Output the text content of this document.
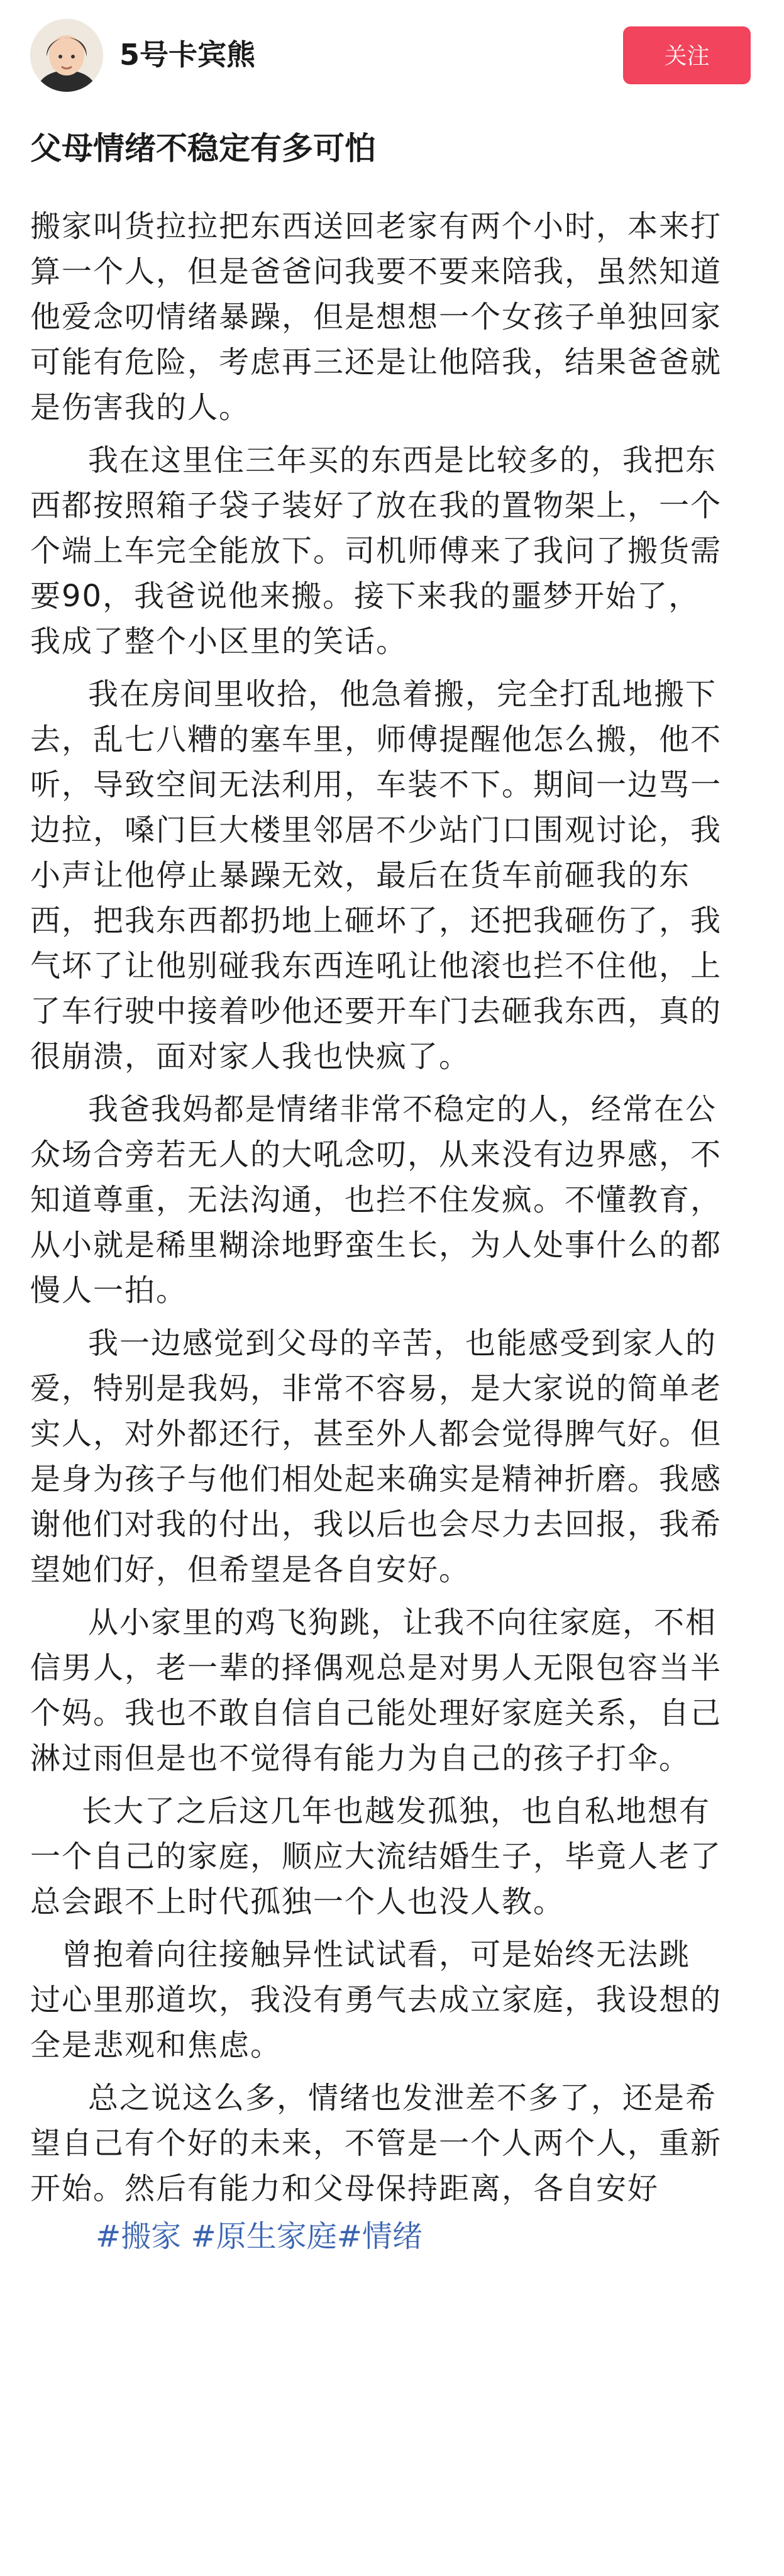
5号卡宾熊	关注
父母情绪不稳定有多可怕
搬家叫货拉拉把东西送回老家有两个小时，本来打
算一个人，但是爸爸问我要不要来陪我，虽然知道
他爱念叨情绪暴躁，但是想想一个女孩子单独回家
可能有危险，考虑再三还是让他陪我，结果爸爸就
是伤害我的人。
我在这里住三年买的东西是比较多的，我把东
西都按照箱子袋子装好了放在我的置物架上，一个
个端上车完全能放下。司机师傅来了我问了搬货需
要90，我爸说他来搬。接下来我的噩梦开始了，
我成了整个小区里的笑话。
我在房间里收拾，他急着搬，完全打乱地搬下
去，乱七八糟的塞车里，师傅提醒他怎么搬，他不
听，导致空间无法利用，车装不下。期间一边骂一
边拉，嗓门巨大楼里邻居不少站门口围观讨论，我
小声让他停止暴躁无效，最后在货车前砸我的东
西，把我东西都扔地上砸坏了，还把我砸伤了，我
气坏了让他别碰我东西连吼让他滚也拦不住他，上
了车行驶中接着吵他还要开车门去砸我东西，真的
很崩溃，面对家人我也快疯了。
我爸我妈都是情绪非常不稳定的人，经常在公
众场合旁若无人的大吼念叨，从来没有边界感，不
知道尊重，无法沟通，也拦不住发疯。不懂教育，
从小就是稀里糊涂地野蛮生长，为人处事什么的都
慢人一拍。
我一边感觉到父母的辛苦，也能感受到家人的
爱，特别是我妈，非常不容易，是大家说的简单老
实人，对外都还行，甚至外人都会觉得脾气好。但
是身为孩子与他们相处起来确实是精神折磨。我感
谢他们对我的付出，我以后也会尽力去回报，我希
望她们好，但希望是各自安好。
从小家里的鸡飞狗跳，让我不向往家庭，不相
信男人，老一辈的择偶观总是对男人无限包容当半
个妈。我也不敢自信自己能处理好家庭关系，自己
淋过雨但是也不觉得有能力为自己的孩子打伞。
长大了之后这几年也越发孤独，也自私地想有
一个自己的家庭，顺应大流结婚生子，毕竟人老了
总会跟不上时代孤独一个人也没人教。
曾抱着向往接触异性试试看，可是始终无法跳
过心里那道坎，我没有勇气去成立家庭，我设想的
全是悲观和焦虑。
总之说这么多，情绪也发泄差不多了，还是希
望自己有个好的未来，不管是一个人两个人，重新
开始。然后有能力和父母保持距离，各自安好
#搬家 #原生家庭#情绪
